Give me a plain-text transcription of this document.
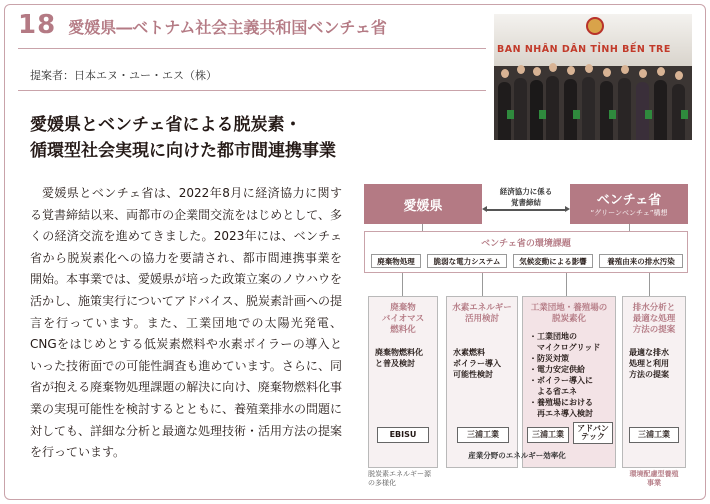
18 愛媛県―ベトナム社会主義共和国ベンチェ省
提案者：日本エヌ・ユー・エス（株）
BAN NHÂN DÂN TỈNH BẾN TRE
愛媛県とベンチェ省による脱炭素・
循環型社会実現に向けた都市間連携事業
愛媛県とベンチェ省は、2022年8月に経済協力に関する覚書締結以来、両都市の企業間交流をはじめとして、多くの経済交流を進めてきました。2023年には、ベンチェ省から脱炭素化への協力を要請され、都市間連携事業を開始。本事業では、愛媛県が培った政策立案のノウハウを活かし、施策実行についてアドバイス、脱炭素計画への提言を行っています。また、工業団地での太陽光発電、CNGをはじめとする低炭素燃料や水素ボイラーの導入といった技術面での可能性調査も進めています。さらに、同省が抱える廃棄物処理課題の解決に向け、廃棄物燃料化事業の実現可能性を検討するとともに、養殖業排水の問題に対しても、詳細な分析と最適な処理技術・活用方法の提案を行っています。
愛媛県
経済協力に係る
覚書締結	ベンチェ省
“グリーンベンチェ”構想
ベンチェ省の環境課題
廃棄物処理	脆弱な電力システム	気候変動による影響	養殖由来の排水汚染
廃棄物
バイオマス
燃料化
廃棄物燃料化
と普及検討
EBISU
水素エネルギー
活用検討
水素燃料
ボイラー導入
可能性検討
三浦工業
工業団地・養殖場の
脱炭素化
・工業団地の
　マイクログリッド
・防災対策
・電力安定供給
・ボイラー導入に
　よる省エネ
・養殖場における
　再エネ導入検討
三浦工業
アドバンテック
排水分析と
最適な処理
方法の提案
最適な排水
処理と利用
方法の提案
三浦工業
産業分野のエネルギー効率化
脱炭素エネルギー源
の多様化
環境配慮型養殖
事業
